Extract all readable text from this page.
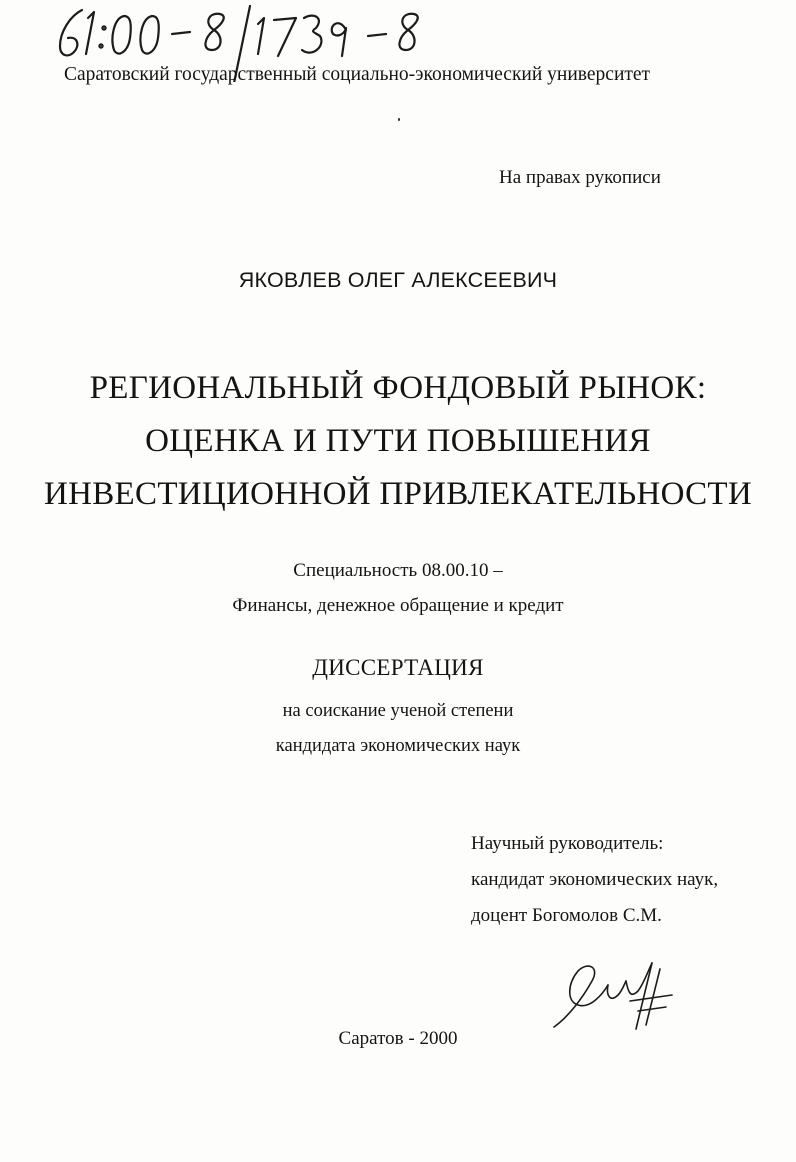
Саратовский государственный социально-экономический университет
На правах рукописи
ЯКОВЛЕВ ОЛЕГ АЛЕКСЕЕВИЧ
РЕГИОНАЛЬНЫЙ ФОНДОВЫЙ РЫНОК:
ОЦЕНКА И ПУТИ ПОВЫШЕНИЯ
ИНВЕСТИЦИОННОЙ ПРИВЛЕКАТЕЛЬНОСТИ
Специальность 08.00.10 –
Финансы, денежное обращение и кредит
ДИССЕРТАЦИЯ
на соискание ученой степени
кандидата экономических наук
Научный руководитель:
кандидат экономических наук,
доцент Богомолов С.М.
Саратов - 2000
